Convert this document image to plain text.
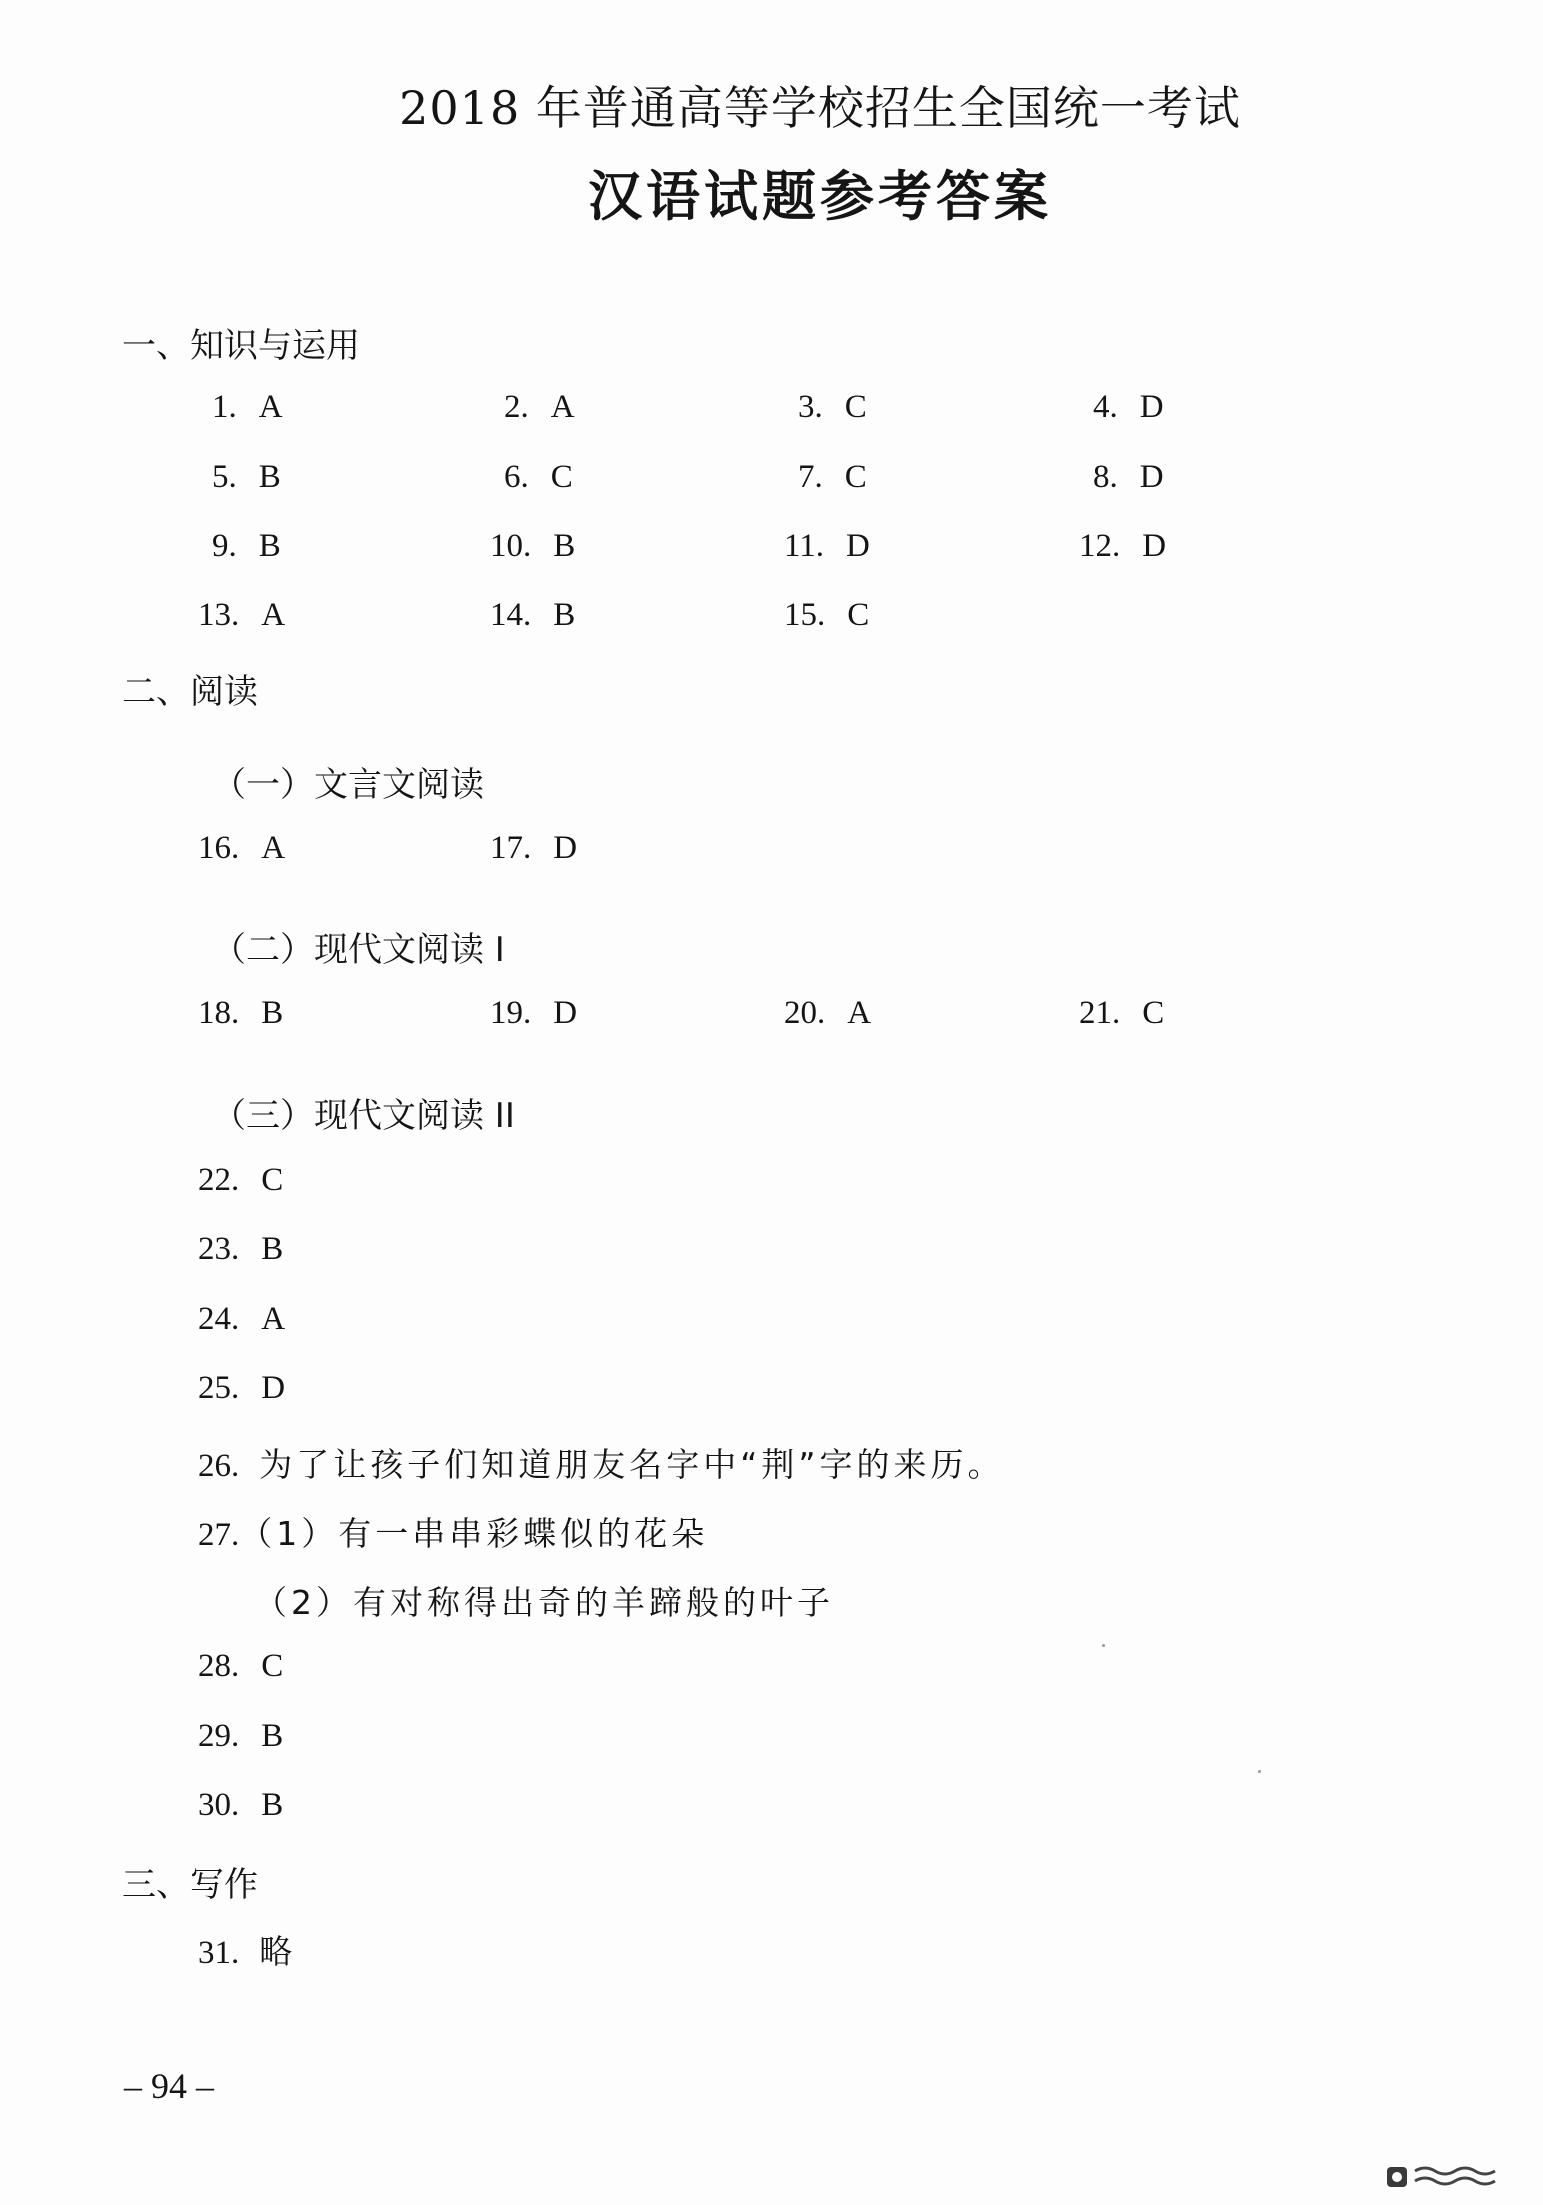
2018 年普通高等学校招生全国统一考试
汉语试题参考答案
一、知识与运用
1. A	2. A	3. C	4. D
5. B	6. C	7. C	8. D
9. B	10. B	11. D	12. D
13. A	14. B	15. C
二、阅读
（一）文言文阅读
16. A	17. D
（二）现代文阅读 I
18. B	19. D	20. A	21. C
（三）现代文阅读 II
22. C
23. B
24. A
25. D
26. 为了让孩子们知道朋友名字中“荆”字的来历。
27.（1）有一串串彩蝶似的花朵
（2）有对称得出奇的羊蹄般的叶子
28. C
29. B
30. B
三、写作
31. 略
– 94 –
